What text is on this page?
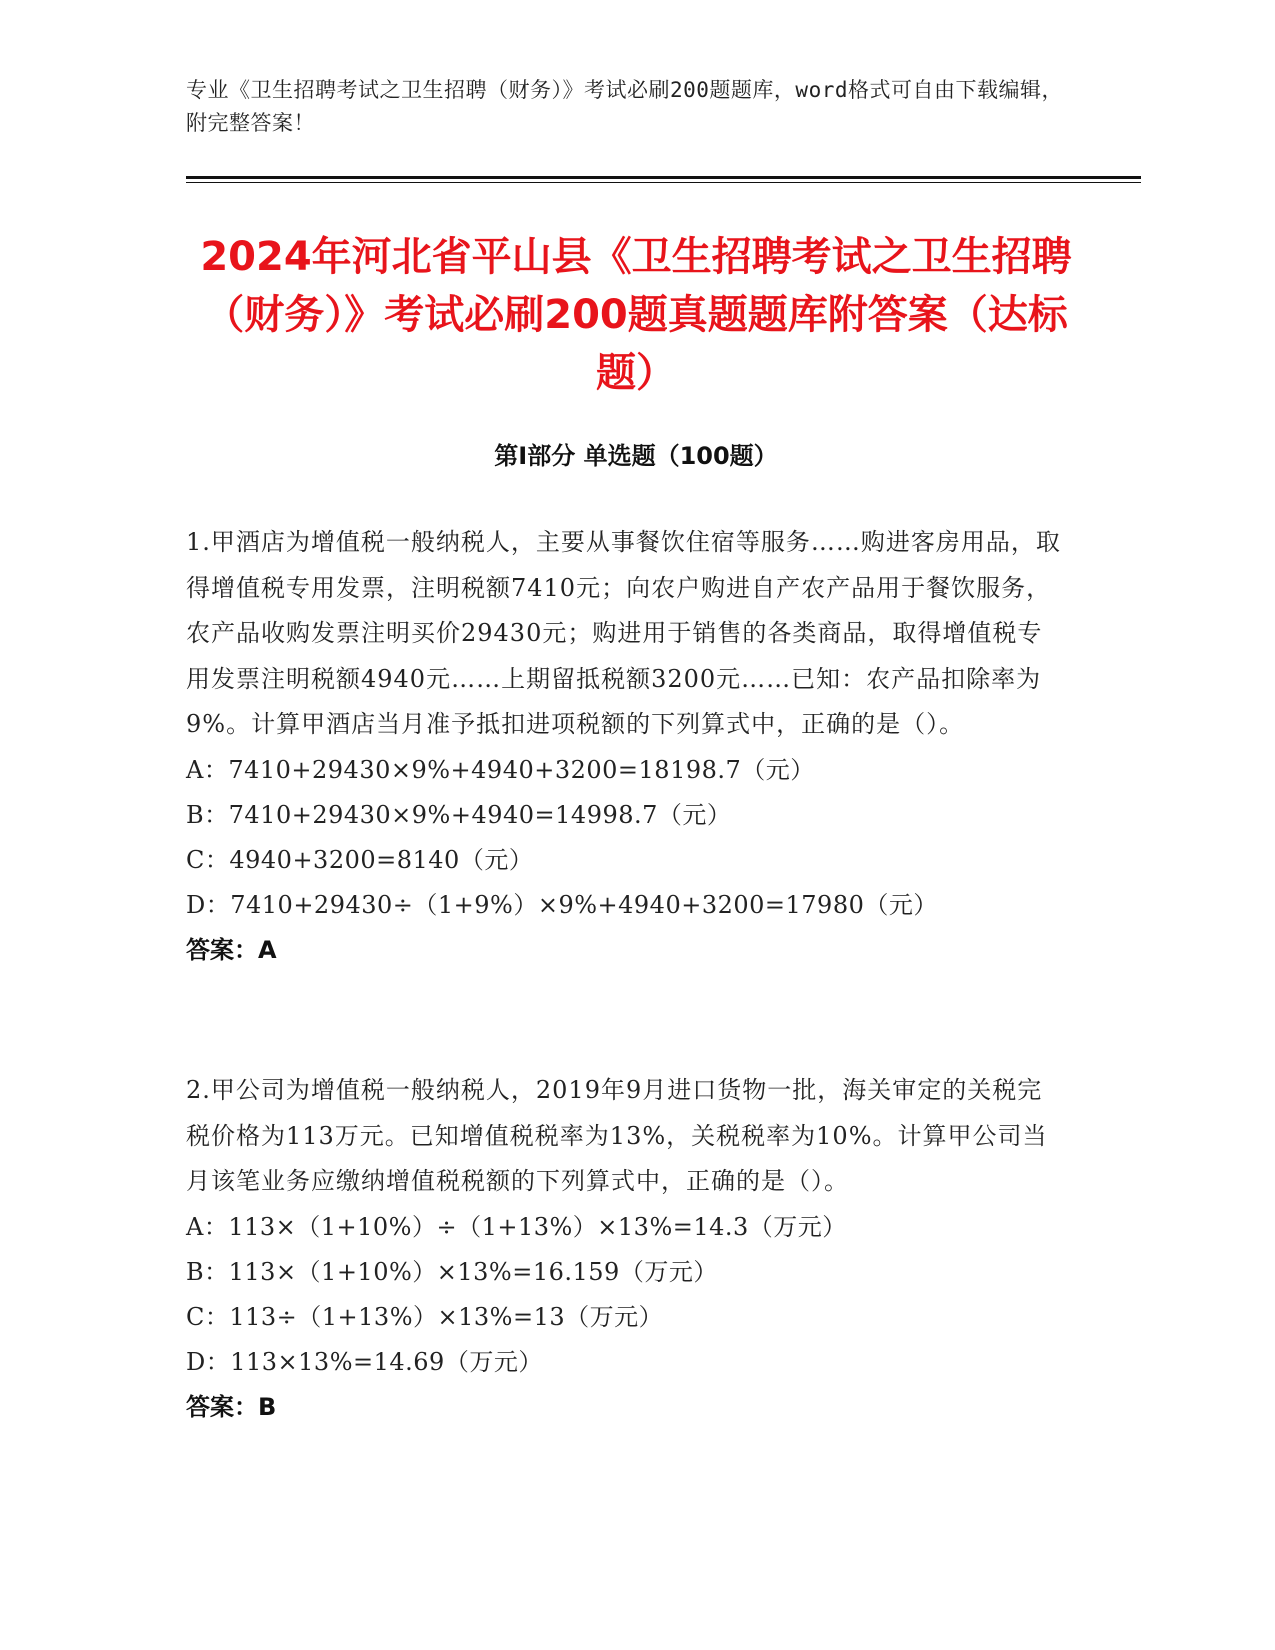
专业《卫生招聘考试之卫生招聘（财务）》考试必刷200题题库，word格式可自由下载编辑，附完整答案！
2024年河北省平山县《卫生招聘考试之卫生招聘（财务）》考试必刷200题真题题库附答案（达标题）
第Ⅰ部分 单选题（100题）
1.甲酒店为增值税一般纳税人，主要从事餐饮住宿等服务……购进客房用品，取得增值税专用发票，注明税额7410元；向农户购进自产农产品用于餐饮服务，农产品收购发票注明买价29430元；购进用于销售的各类商品，取得增值税专用发票注明税额4940元……上期留抵税额3200元……已知：农产品扣除率为9%。计算甲酒店当月准予抵扣进项税额的下列算式中，正确的是（）。
A：7410+29430×9%+4940+3200=18198.7（元）
B：7410+29430×9%+4940=14998.7（元）
C：4940+3200=8140（元）
D：7410+29430÷（1+9%）×9%+4940+3200=17980（元）
答案：A
2.甲公司为增值税一般纳税人，2019年9月进口货物一批，海关审定的关税完税价格为113万元。已知增值税税率为13%，关税税率为10%。计算甲公司当月该笔业务应缴纳增值税税额的下列算式中，正确的是（）。
A：113×（1+10%）÷（1+13%）×13%=14.3（万元）
B：113×（1+10%）×13%=16.159（万元）
C：113÷（1+13%）×13%=13（万元）
D：113×13%=14.69（万元）
答案：B
